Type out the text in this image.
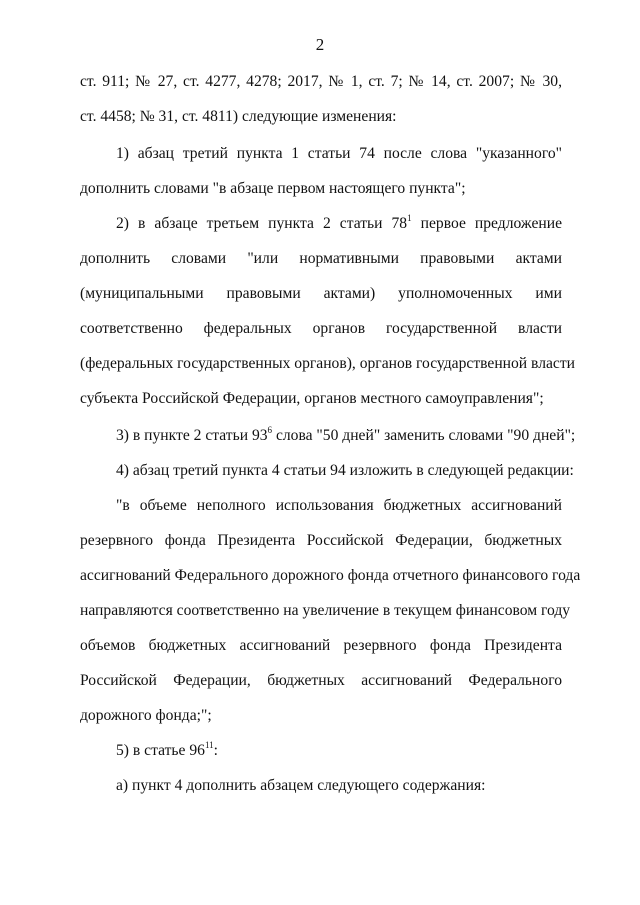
2
ст. 911; № 27, ст. 4277, 4278; 2017, № 1, ст. 7; № 14, ст. 2007; № 30,
ст. 4458; № 31, ст. 4811) следующие изменения:
1) абзац третий пункта 1 статьи 74 после слова "указанного"
дополнить словами "в абзаце первом настоящего пункта";
2) в абзаце третьем пункта 2 статьи $78^1$ первое предложение
дополнить словами "или нормативными правовыми актами
(муниципальными правовыми актами) уполномоченных ими
соответственно федеральных органов государственной власти
(федеральных государственных органов), органов государственной власти
субъекта Российской Федерации, органов местного самоуправления";
3) в пункте 2 статьи $93^6$ слова "50 дней" заменить словами "90 дней";
4) абзац третий пункта 4 статьи 94 изложить в следующей редакции:
"в объеме неполного использования бюджетных ассигнований
резервного фонда Президента Российской Федерации, бюджетных
ассигнований Федерального дорожного фонда отчетного финансового года
направляются соответственно на увеличение в текущем финансовом году
объемов бюджетных ассигнований резервного фонда Президента
Российской Федерации, бюджетных ассигнований Федерального
дорожного фонда;";
5) в статье $96^{11}$:
а) пункт 4 дополнить абзацем следующего содержания:
